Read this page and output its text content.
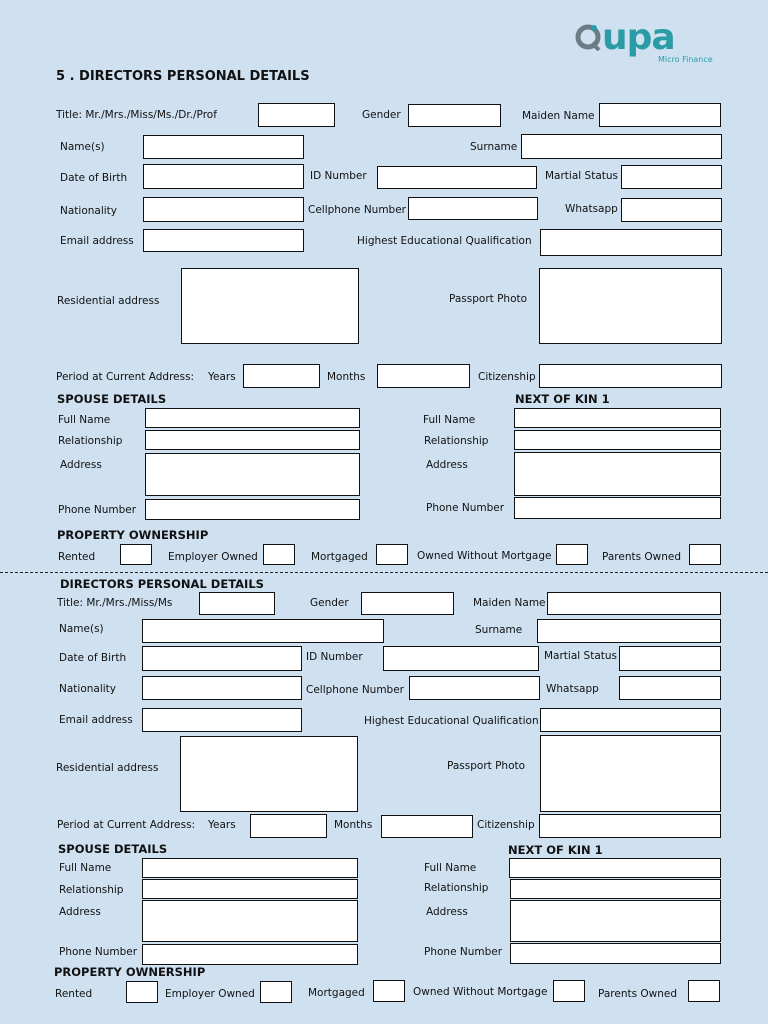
upa
Micro Finance
5 . DIRECTORS PERSONAL DETAILS
Title: Mr./Mrs./Miss/Ms./Dr./Prof	Gender	Maiden Name
Name(s)	Surname
Date of Birth	ID Number	Martial Status
Nationality	Cellphone Number	Whatsapp
Email address	Highest Educational Qualification
Residential address	Passport Photo
Period at Current Address: Years	Months	Citizenship
SPOUSE DETAILS	NEXT OF KIN 1
Full Name	Full Name
Relationship	Relationship
Address	Address
Phone Number	Phone Number
PROPERTY OWNERSHIP
Rented	Employer Owned	Mortgaged	Owned Without Mortgage	Parents Owned
DIRECTORS PERSONAL DETAILS
Title: Mr./Mrs./Miss/Ms	Gender	Maiden Name
Name(s)	Surname
Date of Birth	ID Number	Martial Status
Nationality	Cellphone Number	Whatsapp
Email address	Highest Educational Qualification
Residential address	Passport Photo
Period at Current Address: Years	Months	Citizenship
SPOUSE DETAILS	NEXT OF KIN 1
Full Name	Full Name
Relationship	Relationship
Address	Address
Phone Number	Phone Number
PROPERTY OWNERSHIP
Rented	Employer Owned	Mortgaged	Owned Without Mortgage	Parents Owned
